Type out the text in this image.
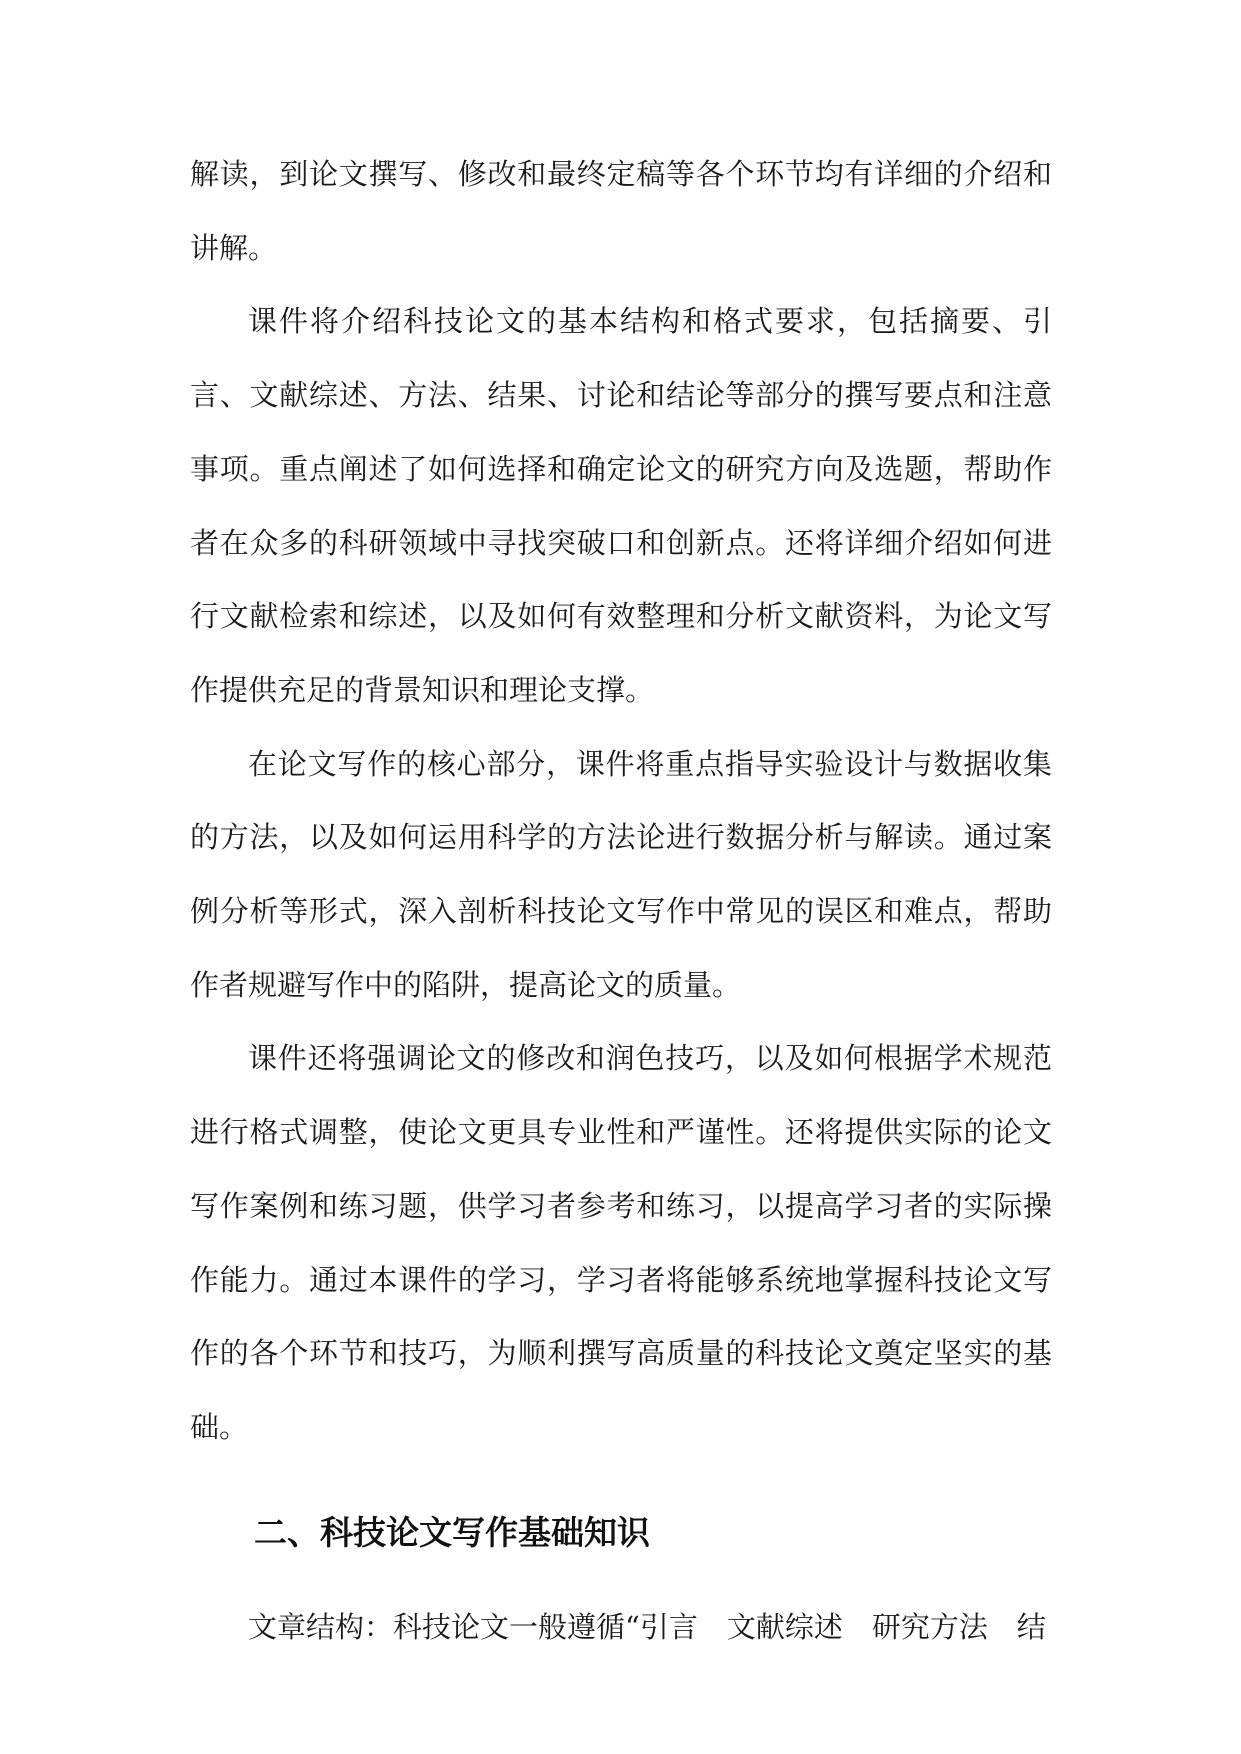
解读，到论文撰写、修改和最终定稿等各个环节均有详细的介绍和讲解。

课件将介绍科技论文的基本结构和格式要求，包括摘要、引言、文献综述、方法、结果、讨论和结论等部分的撰写要点和注意事项。重点阐述了如何选择和确定论文的研究方向及选题，帮助作者在众多的科研领域中寻找突破口和创新点。还将详细介绍如何进行文献检索和综述，以及如何有效整理和分析文献资料，为论文写作提供充足的背景知识和理论支撑。

在论文写作的核心部分，课件将重点指导实验设计与数据收集的方法，以及如何运用科学的方法论进行数据分析与解读。通过案例分析等形式，深入剖析科技论文写作中常见的误区和难点，帮助作者规避写作中的陷阱，提高论文的质量。

课件还将强调论文的修改和润色技巧，以及如何根据学术规范进行格式调整，使论文更具专业性和严谨性。还将提供实际的论文写作案例和练习题，供学习者参考和练习，以提高学习者的实际操作能力。通过本课件的学习，学习者将能够系统地掌握科技论文写作的各个环节和技巧，为顺利撰写高质量的科技论文奠定坚实的基础。

二、科技论文写作基础知识

文章结构：科技论文一般遵循“引言　文献综述　研究方法　结
